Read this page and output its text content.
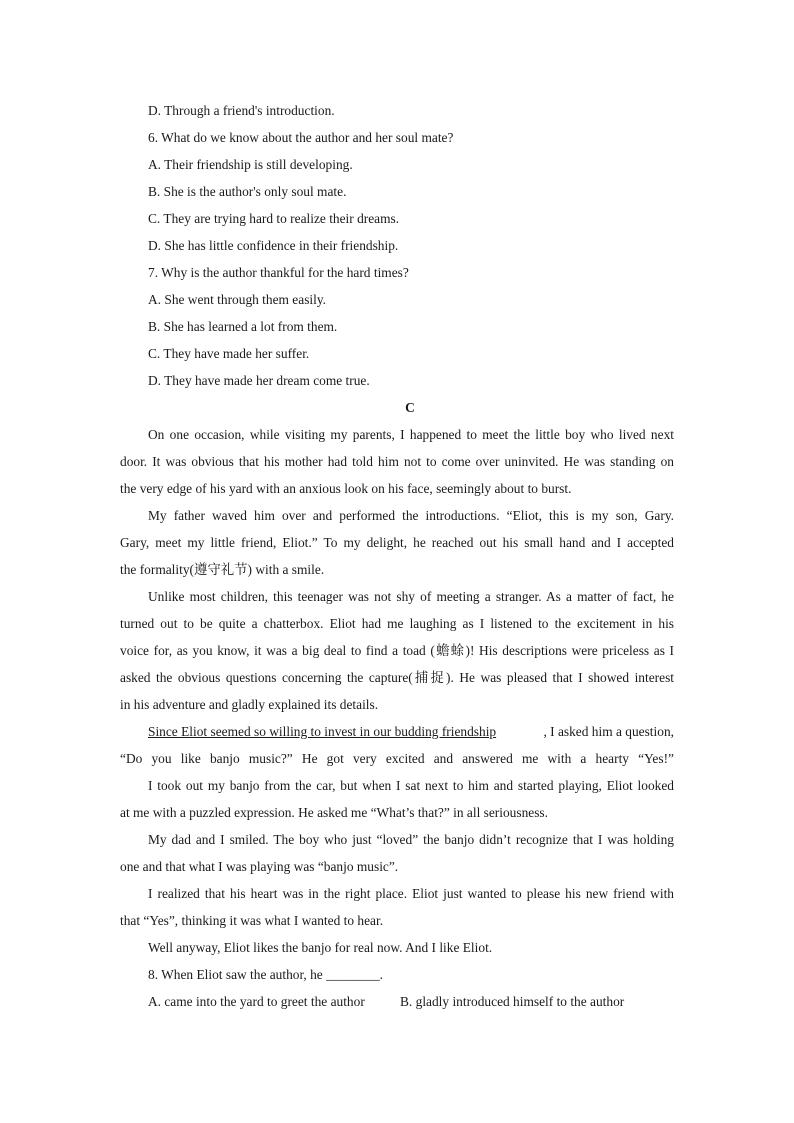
D. Through a friend's introduction.
6. What do we know about the author and her soul mate?
A. Their friendship is still developing.
B. She is the author's only soul mate.
C. They are trying hard to realize their dreams.
D. She has little confidence in their friendship.
7. Why is the author thankful for the hard times?
A. She went through them easily.
B. She has learned a lot from them.
C. They have made her suffer.
D. They have made her dream come true.
C
On one occasion, while visiting my parents, I happened to meet the little boy who lived next
door. It was obvious that his mother had told him not to come over uninvited. He was standing on
the very edge of his yard with an anxious look on his face, seemingly about to burst.
My father waved him over and performed the introductions. “Eliot, this is my son, Gary.
Gary, meet my little friend, Eliot.” To my delight, he reached out his small hand and I accepted
the formality(遵守礼节) with a smile.
Unlike most children, this teenager was not shy of meeting a stranger. As a matter of fact, he
turned out to be quite a chatterbox. Eliot had me laughing as I listened to the excitement in his
voice for, as you know, it was a big deal to find a toad (蟾蜍)! His descriptions were priceless as I
asked the obvious questions concerning the capture(捕捉). He was pleased that I showed interest
in his adventure and gladly explained its details.
Since Eliot seemed so willing to invest in our budding friendship	, I asked him a question,
“Do you like banjo music?” He got very excited and answered me with a hearty “Yes!”
I took out my banjo from the car, but when I sat next to him and started playing, Eliot looked
at me with a puzzled expression. He asked me “What’s that?” in all seriousness.
My dad and I smiled. The boy who just “loved” the banjo didn’t recognize that I was holding
one and that what I was playing was “banjo music”.
I realized that his heart was in the right place. Eliot just wanted to please his new friend with
that “Yes”, thinking it was what I wanted to hear.
Well anyway, Eliot likes the banjo for real now. And I like Eliot.
8. When Eliot saw the author, he ________.
A. came into the yard to greet the author	B. gladly introduced himself to the author
